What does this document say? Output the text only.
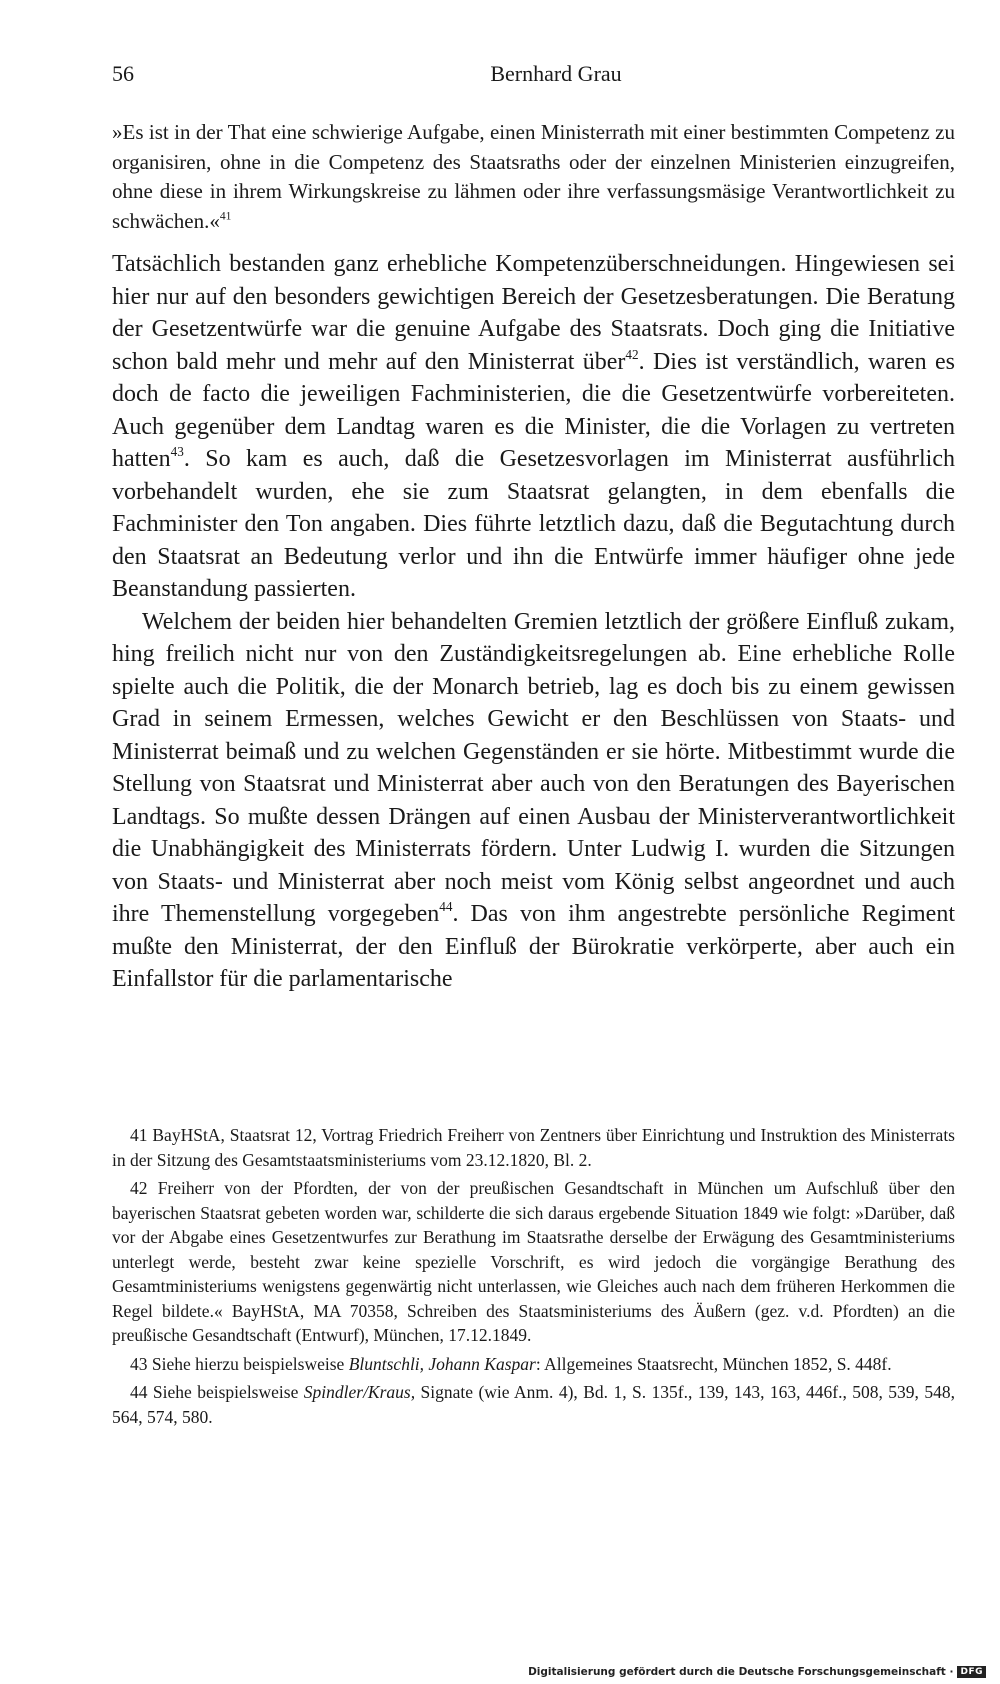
56	Bernhard Grau
»Es ist in der That eine schwierige Aufgabe, einen Ministerrath mit einer bestimmten Competenz zu organisiren, ohne in die Competenz des Staatsraths oder der einzelnen Ministerien einzugreifen, ohne diese in ihrem Wirkungskreise zu lähmen oder ihre verfassungsmäsige Verantwortlichkeit zu schwächen.«$^{41}$

Tatsächlich bestanden ganz erhebliche Kompetenzüberschneidungen. Hingewiesen sei hier nur auf den besonders gewichtigen Bereich der Gesetzesberatungen. Die Beratung der Gesetzentwürfe war die genuine Aufgabe des Staatsrats. Doch ging die Initiative schon bald mehr und mehr auf den Ministerrat über$^{42}$. Dies ist verständlich, waren es doch de facto die jeweiligen Fachministerien, die die Gesetzentwürfe vorbereiteten. Auch gegenüber dem Landtag waren es die Minister, die die Vorlagen zu vertreten hatten$^{43}$. So kam es auch, daß die Gesetzesvorlagen im Ministerrat ausführlich vorbehandelt wurden, ehe sie zum Staatsrat gelangten, in dem ebenfalls die Fachminister den Ton angaben. Dies führte letztlich dazu, daß die Begutachtung durch den Staatsrat an Bedeutung verlor und ihn die Entwürfe immer häufiger ohne jede Beanstandung passierten.

Welchem der beiden hier behandelten Gremien letztlich der größere Einfluß zukam, hing freilich nicht nur von den Zuständigkeitsregelungen ab. Eine erhebliche Rolle spielte auch die Politik, die der Monarch betrieb, lag es doch bis zu einem gewissen Grad in seinem Ermessen, welches Gewicht er den Beschlüssen von Staats- und Ministerrat beimaß und zu welchen Gegenständen er sie hörte. Mitbestimmt wurde die Stellung von Staatsrat und Ministerrat aber auch von den Beratungen des Bayerischen Landtags. So mußte dessen Drängen auf einen Ausbau der Ministerverantwortlichkeit die Unabhängigkeit des Ministerrats fördern. Unter Ludwig I. wurden die Sitzungen von Staats- und Ministerrat aber noch meist vom König selbst angeordnet und auch ihre Themenstellung vorgegeben$^{44}$. Das von ihm angestrebte persönliche Regiment mußte den Ministerrat, der den Einfluß der Bürokratie verkörperte, aber auch ein Einfallstor für die parlamentarische

41 BayHStA, Staatsrat 12, Vortrag Friedrich Freiherr von Zentners über Einrichtung und Instruktion des Ministerrats in der Sitzung des Gesamtstaatsministeriums vom 23.12.1820, Bl. 2.

42 Freiherr von der Pfordten, der von der preußischen Gesandtschaft in München um Aufschluß über den bayerischen Staatsrat gebeten worden war, schilderte die sich daraus ergebende Situation 1849 wie folgt: »Darüber, daß vor der Abgabe eines Gesetzentwurfes zur Berathung im Staatsrathe derselbe der Erwägung des Gesamtministeriums unterlegt werde, besteht zwar keine spezielle Vorschrift, es wird jedoch die vorgängige Berathung des Gesamtministeriums wenigstens gegenwärtig nicht unterlassen, wie Gleiches auch nach dem früheren Herkommen die Regel bildete.« BayHStA, MA 70358, Schreiben des Staatsministeriums des Äußern (gez. v.d. Pfordten) an die preußische Gesandtschaft (Entwurf), München, 17.12.1849.

43 Siehe hierzu beispielsweise Bluntschli, Johann Kaspar: Allgemeines Staatsrecht, München 1852, S. 448f.

44 Siehe beispielsweise Spindler/Kraus, Signate (wie Anm. 4), Bd. 1, S. 135f., 139, 143, 163, 446f., 508, 539, 548, 564, 574, 580.

Digitalisierung gefördert durch die Deutsche Forschungsgemeinschaft · DFG
